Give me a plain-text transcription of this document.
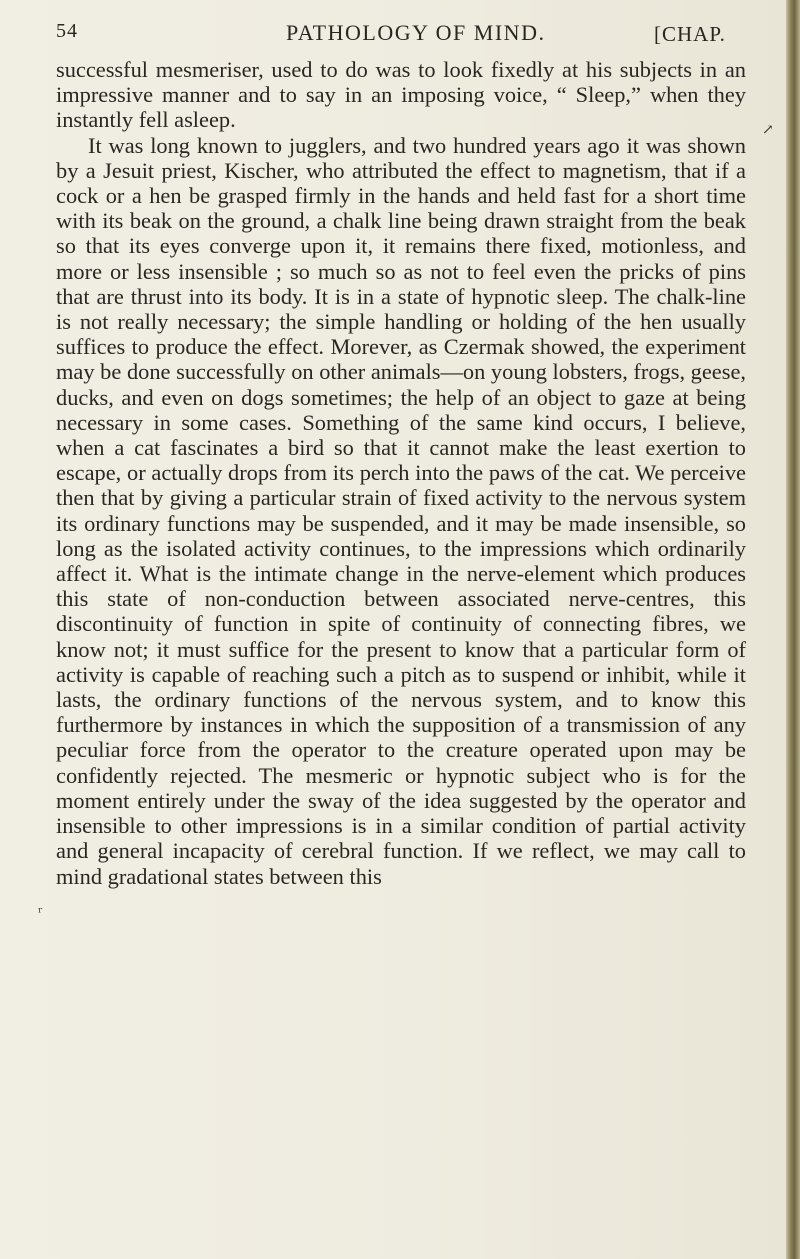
54	PATHOLOGY OF MIND.	[CHAP.

successful mesmeriser, used to do was to look fixedly at his subjects in an impressive manner and to say in an imposing voice, “ Sleep,” when they instantly fell asleep.

It was long known to jugglers, and two hundred years ago it was shown by a Jesuit priest, Kischer, who attributed the effect to magnetism, that if a cock or a hen be grasped firmly in the hands and held fast for a short time with its beak on the ground, a chalk line being drawn straight from the beak so that its eyes converge upon it, it remains there fixed, motionless, and more or less insensible ; so much so as not to feel even the pricks of pins that are thrust into its body. It is in a state of hypnotic sleep. The chalk-line is not really necessary; the simple handling or holding of the hen usually suffices to produce the effect. Morever, as Czermak showed, the experiment may be done successfully on other animals—on young lobsters, frogs, geese, ducks, and even on dogs sometimes; the help of an object to gaze at being necessary in some cases. Something of the same kind occurs, I believe, when a cat fascinates a bird so that it cannot make the least exertion to escape, or actually drops from its perch into the paws of the cat. We perceive then that by giving a particular strain of fixed activity to the nervous system its ordinary functions may be suspended, and it may be made insensible, so long as the isolated activity continues, to the impressions which ordinarily affect it. What is the intimate change in the nerve-element which produces this state of non-conduction between associated nerve-centres, this discontinuity of function in spite of continuity of connecting fibres, we know not; it must suffice for the present to know that a particular form of activity is capable of reaching such a pitch as to suspend or inhibit, while it lasts, the ordinary functions of the nervous system, and to know this furthermore by instances in which the supposition of a transmission of any peculiar force from the operator to the creature operated upon may be confidently rejected. The mesmeric or hypnotic subject who is for the moment entirely under the sway of the idea suggested by the operator and insensible to other impressions is in a similar condition of partial activity and general incapacity of cerebral function. If we reflect, we may call to mind gradational states between this

↗
ʳ
